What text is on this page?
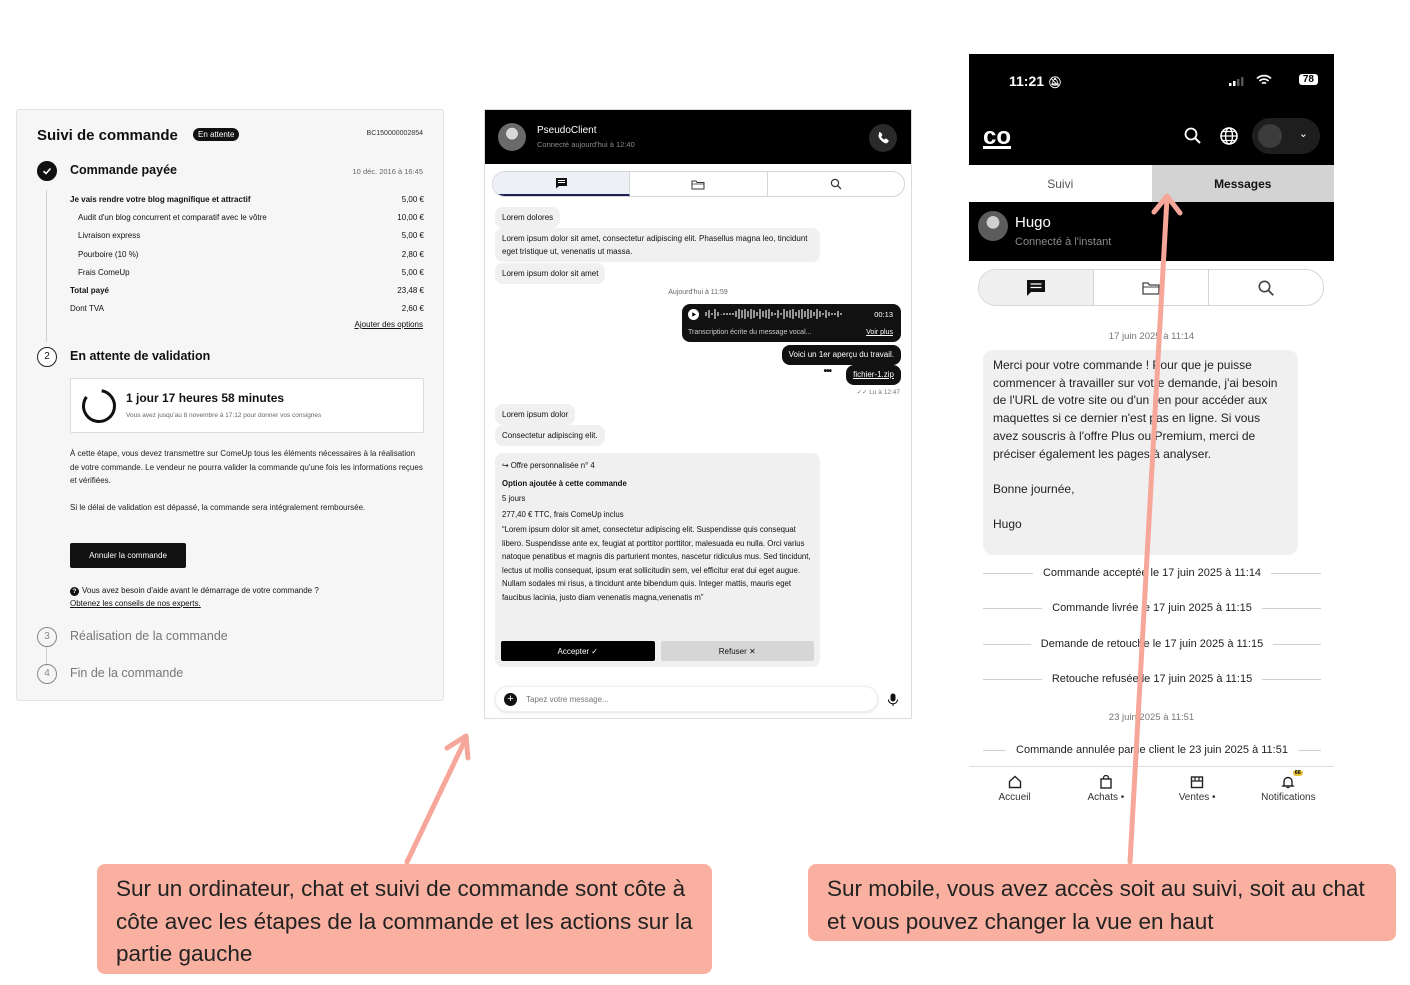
Suivi de commande	En attente	BC150000002854
Commande payée	10 déc. 2016 à 16:45
Je vais rendre votre blog magnifique et attractif	5,00 €
Audit d'un blog concurrent et comparatif avec le vôtre	10,00 €
Livraison express	5,00 €
Pourboire (10 %)	2,80 €
Frais ComeUp	5,00 €
Total payé	23,48 €
Dont TVA	2,60 €
Ajouter des options
2	En attente de validation
1 jour 17 heures 58 minutes
Vous avez jusqu'au 8 novembre à 17:12 pour donner vos consignes
À cette étape, vous devez transmettre sur ComeUp tous les éléments nécessaires à la réalisation de votre commande. Le vendeur ne pourra valider la commande qu'une fois les informations reçues et vérifiées.
Si le délai de validation est dépassé, la commande sera intégralement remboursée.
Annuler la commande
? Vous avez besoin d'aide avant le démarrage de votre commande ?
Obtenez les conseils de nos experts.
3	Réalisation de la commande
4	Fin de la commande
PseudoClient
Connecté aujourd'hui à 12:40
Lorem dolores
Lorem ipsum dolor sit amet, consectetur adipiscing elit. Phasellus magna leo, tincidunt eget tristique ut, venenatis ut massa.
Lorem ipsum dolor sit amet
Aujourd'hui à 11:59
00:13
Transcription écrite du message vocal...	Voir plus
Voici un 1er aperçu du travail.
•••	fichier-1.zip
✓✓ Lu à 12:47
Lorem ipsum dolor
Consectetur adipiscing elit.
↪ Offre personnalisée n° 4
Option ajoutée à cette commande
5 jours
277,40 € TTC, frais ComeUp inclus
“Lorem ipsum dolor sit amet, consectetur adipiscing elit. Suspendisse quis consequat libero. Suspendisse ante ex, feugiat at porttitor porttitor, malesuada eu nulla. Orci varius natoque penatibus et magnis dis parturient montes, nascetur ridiculus mus. Sed tincidunt, lectus ut mollis consequat, ipsum erat sollicitudin sem, vel efficitur erat dui eget augue. Nullam sodales mi risus, a tincidunt ante bibendum quis. Integer mattis, mauris eget faucibus lacinia, justo diam venenatis magna,venenatis m”
Accepter ✓	Refuser ✕
+
Tapez votre message...
11:21 🔕︎	78
co	⌄
Suivi	Messages
Hugo
Connecté à l'instant
17 juin 2025 à 11:14
Merci pour votre commande ! Pour que je puisse commencer à travailler sur votre demande, j'ai besoin de l'URL de votre site ou d'un lien pour accéder aux maquettes si ce dernier n'est pas en ligne. Si vous avez souscris à l'offre Plus ou Premium, merci de préciser également les pages à analyser.

Bonne journée,

Hugo
Commande acceptée le 17 juin 2025 à 11:14
Commande livrée le 17 juin 2025 à 11:15
Demande de retouche le 17 juin 2025 à 11:15
Retouche refusée le 17 juin 2025 à 11:15
23 juin 2025 à 11:51
Commande annulée par le client le 23 juin 2025 à 11:51
Accueil	Achats •	Ventes •
66
Notifications
Sur un ordinateur, chat et suivi de commande sont côte à côte avec les étapes de la commande et les actions sur la partie gauche
Sur mobile, vous avez accès soit au suivi, soit au chat et vous pouvez changer la vue en haut
